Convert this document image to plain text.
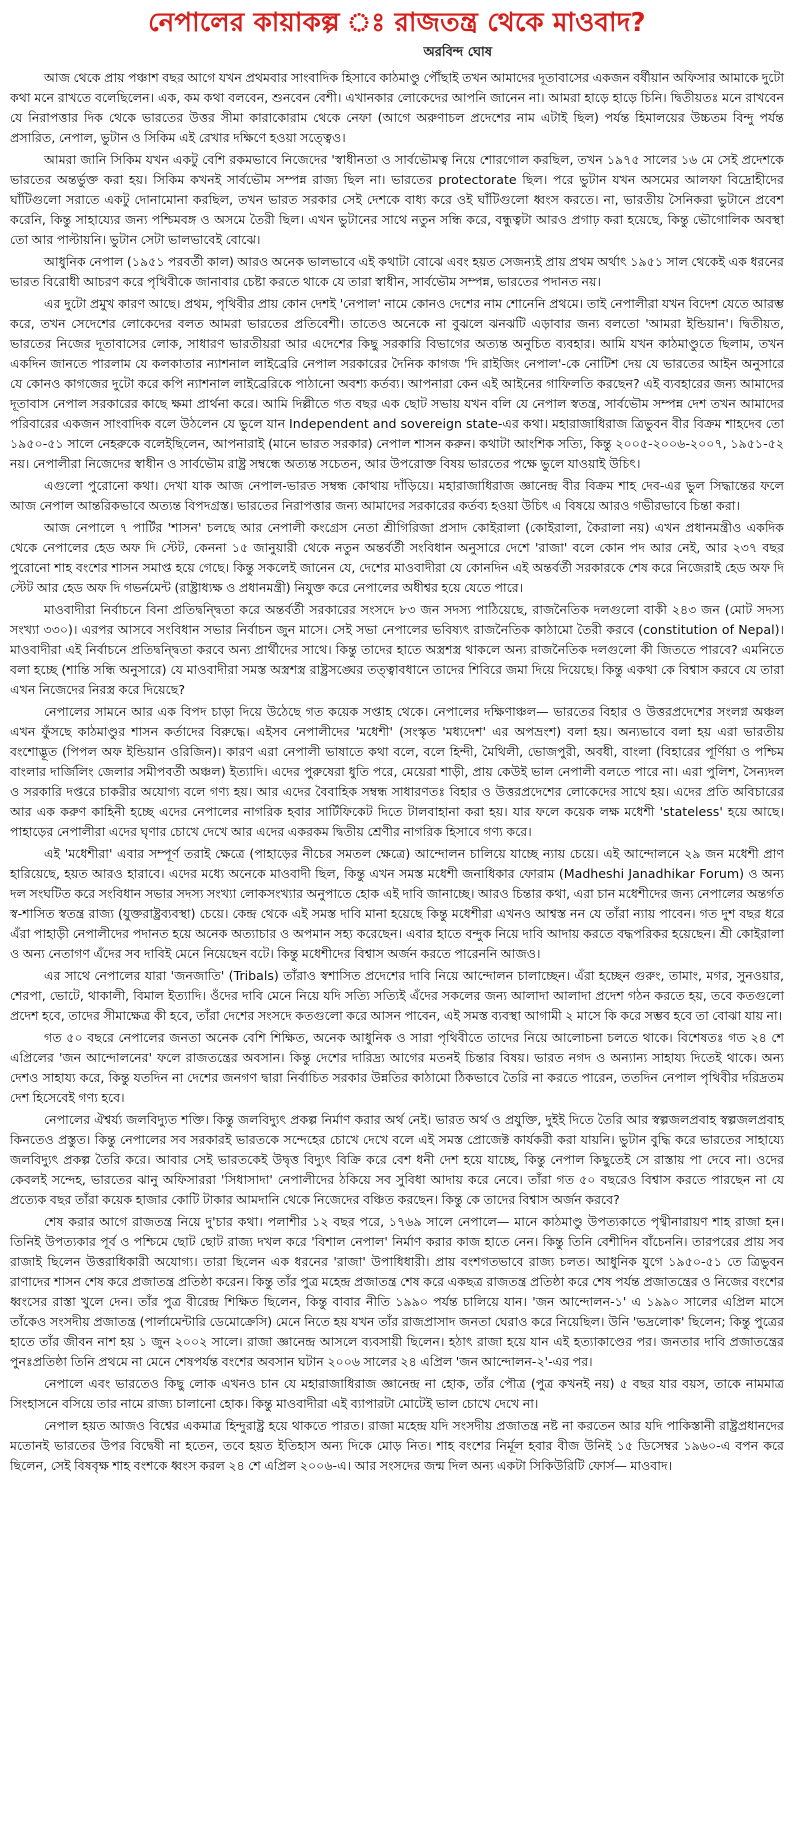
নেপালের কায়াকল্প ঃ রাজতন্ত্র থেকে মাওবাদ?
অরবিন্দ ঘোষ

আজ থেকে প্রায় পঞ্চাশ বছর আগে যখন প্রথমবার সাংবাদিক হিসাবে কাঠমাণ্ডু পৌঁছাই তখন আমাদের দূতাবাসের একজন বর্ষীয়ান অফিসার আমাকে দুটো কথা মনে রাখতে বলেছিলেন। এক, কম কথা বলবেন, শুনবেন বেশী। এখানকার লোকেদের আপনি জানেন না। আমরা হাড়ে হাড়ে চিনি। দ্বিতীয়তঃ মনে রাখবেন যে নিরাপত্তার দিক থেকে ভারতের উত্তর সীমা কারাকোরাম থেকে নেফা (আগে অরুণাচল প্রদেশের নাম এটাই ছিল) পর্যন্ত হিমালয়ের উচ্চতম বিন্দু পর্যন্ত প্রসারিত, নেপাল, ভুটান ও সিকিম এই রেখার দক্ষিণে হওয়া সত্ত্বেও।

আমরা জানি সিকিম যখন একটু বেশি রকমভাবে নিজেদের 'স্বাধীনতা ও সার্বভৌমত্ব নিয়ে শোরগোল করছিল, তখন ১৯৭৫ সালের ১৬ মে সেই প্রদেশকে ভারতের অন্তর্ভুক্ত করা হয়। সিকিম কখনই সার্বভৌম সম্পন্ন রাজ্য ছিল না। ভারতের protectorate ছিল। পরে ভুটান যখন অসমের আলফা বিদ্রোহীদের ঘাঁটিগুলো সরাতে একটু দোনামোনা করছিল, তখন ভারত সরকার সেই দেশকে বাধ্য করে ওই ঘাঁটিগুলো ধ্বংস করতে। না, ভারতীয় সৈনিকরা ভুটানে প্রবেশ করেনি, কিন্তু সাহায্যের জন্য পশ্চিমবঙ্গ ও অসমে তৈরী ছিল। এখন ভুটানের সাথে নতুন সন্ধি করে, বন্ধুত্বটা আরও প্রগাঢ় করা হয়েছে, কিন্তু ভৌগোলিক অবস্থা তো আর পাল্টায়নি। ভুটান সেটা ভালভাবেই বোঝে।

আধুনিক নেপাল (১৯৫১ পরবর্তী কাল) আরও অনেক ভালভাবে এই কথাটা বোঝে এবং হয়ত সেজন্যই প্রায় প্রথম অর্থাৎ ১৯৫১ সাল থেকেই এক ধরনের ভারত বিরোধী আচরণ করে পৃথিবীকে জানাবার চেষ্টা করতে থাকে যে তারা স্বাধীন, সার্বভৌম সম্পন্ন, ভারতের পদানত নয়।

এর দুটো প্রমুখ কারণ আছে। প্রথম, পৃথিবীর প্রায় কোন দেশই 'নেপাল' নামে কোনও দেশের নাম শোনেনি প্রথমে। তাই নেপালীরা যখন বিদেশ যেতে আরম্ভ করে, তখন সেদেশের লোকেদের বলত আমরা ভারতের প্রতিবেশী। তাতেও অনেকে না বুঝলে ঝনঝটি এড়াবার জন্য বলতো 'আমরা ইন্ডিয়ান'। দ্বিতীয়ত, ভারতের নিজের দূতাবাসের লোক, সাধারণ ভারতীয়রা আর এদেশের কিছু সরকারি বিভাগের অত্যন্ত অনুচিত ব্যবহার। আমি যখন কাঠমাণ্ডুতে ছিলাম, তখন একদিন জানতে পারলাম যে কলকাতার ন্যাশনাল লাইব্রেরি নেপাল সরকারের দৈনিক কাগজ 'দি রাইজিং নেপাল'-কে নোটিশ দেয় যে ভারতের আইন অনুসারে যে কোনও কাগজের দুটো করে কপি ন্যাশনাল লাইব্রেরিকে পাঠানো অবশ্য কর্তব্য। আপনারা কেন এই আইনের গাফিলতি করছেন? এই ব্যবহারের জন্য আমাদের দূতাবাস নেপাল সরকারের কাছে ক্ষমা প্রার্থনা করে। আমি দিল্লীতে গত বছর এক ছোট সভায় যখন বলি যে নেপাল স্বতন্ত্র, সার্বভৌম সম্পন্ন দেশ তখন আমাদের পরিবারের একজন সাংবাদিক বলে উঠলেন যে ভুলে যান Independent and sovereign state-এর কথা। মহারাজাধিরাজ ত্রিভুবন বীর বিক্রম শাহদেব তো ১৯৫০-৫১ সালে নেহরুকে বলেইছিলেন, আপনারাই (মানে ভারত সরকার) নেপাল শাসন করুন। কথাটা আংশিক সত্যি, কিন্তু ২০০৫-২০০৬-২০০৭, ১৯৫১-৫২ নয়। নেপালীরা নিজেদের স্বাধীন ও সার্বভৌম রাষ্ট্র সম্বন্ধে অত্যন্ত সচেতন, আর উপরোক্ত বিষয় ভারতের পক্ষে ভুলে যাওয়াই উচিৎ।

এগুলো পুরোনো কথা। দেখা যাক আজ নেপাল-ভারত সম্বন্ধ কোথায় দাঁড়িয়ে। মহারাজাধিরাজ জ্ঞানেন্দ্র বীর বিক্রম শাহ দেব-এর ভুল সিদ্ধান্তের ফলে আজ নেপাল আন্তরিকভাবে অত্যন্ত বিপদগ্রস্ত। ভারতের নিরাপত্তার জন্য আমাদের সরকারের কর্তব্য হওয়া উচিৎ এ বিষয়ে আরও গভীরভাবে চিন্তা করা।

আজ নেপালে ৭ পার্টির 'শাসন' চলছে আর নেপালী কংগ্রেস নেতা শ্রীগিরিজা প্রসাদ কোইরালা (কোইরালা, কৈরালা নয়) এখন প্রধানমন্ত্রীও একদিক থেকে নেপালের হেড অফ দি স্টেট, কেননা ১৫ জানুয়ারী থেকে নতুন অন্তর্বর্তী সংবিধান অনুসারে দেশে 'রাজা' বলে কোন পদ আর নেই, আর ২৩৭ বছর পুরোনো শাহ বংশের শাসন সমাপ্ত হয়ে গেছে। কিন্তু সকলেই জানেন যে, দেশের মাওবাদীরা যে কোনদিন এই অন্তর্বর্তী সরকারকে শেষ করে নিজেরাই হেড অফ দি স্টেট আর হেড অফ দি গভর্নমেন্ট (রাষ্ট্রাধ্যক্ষ ও প্রধানমন্ত্রী) নিযুক্ত করে নেপালের অধীশ্বর হয়ে যেতে পারে।

মাওবাদীরা নির্বাচনে বিনা প্রতিদ্বন্দ্বিতা করে অন্তর্বর্তী সরকারের সংসদে ৮৩ জন সদস্য পাঠিয়েছে, রাজনৈতিক দলগুলো বাকী ২৪৩ জন (মোট সদস্য সংখ্যা ৩৩০)। এরপর আসবে সংবিধান সভার নির্বাচন জুন মাসে। সেই সভা নেপালের ভবিষ্যৎ রাজনৈতিক কাঠামো তৈরী করবে (constitution of Nepal)। মাওবাদীরা এই নির্বাচনে প্রতিদ্বন্দ্বিতা করবে অন্য প্রার্থীদের সাথে। কিন্তু তাদের হাতে অস্ত্রশস্ত্র থাকলে অন্য রাজনৈতিক দলগুলো কী জিততে পারবে? এমনিতে বলা হচ্ছে (শান্তি সন্ধি অনুসারে) যে মাওবাদীরা সমস্ত অস্ত্রশস্ত্র রাষ্ট্রসঙ্ঘের তত্ত্বাবধানে তাদের শিবিরে জমা দিয়ে দিয়েছে। কিন্তু একথা কে বিশ্বাস করবে যে তারা এখন নিজেদের নিরস্ত্র করে দিয়েছে?

নেপালের সামনে আর এক বিপদ চাড়া দিয়ে উঠেছে গত কয়েক সপ্তাহ থেকে। নেপালের দক্ষিণাঞ্চল— ভারতের বিহার ও উত্তরপ্রদেশের সংলগ্ন অঞ্চল এখন ফুঁসছে কাঠমাণ্ডুর শাসন কর্তাদের বিরুদ্ধে। এইসব নেপালীদের 'মধেশী' (সংস্কৃত 'মধ্যদেশ' এর অপভ্রংশ) বলা হয়। অন্যভাবে বলা হয় এরা ভারতীয় বংশোদ্ভূত (পিপল অফ ইন্ডিয়ান ওরিজিন)। কারণ এরা নেপালী ভাষাতে কথা বলে, বলে হিন্দী, মৈথিলী, ভোজপুরী, অবধী, বাংলা (বিহারের পূর্ণিয়া ও পশ্চিম বাংলার দার্জিলিং জেলার সমীপবর্তী অঞ্চল) ইত্যাদি। এদের পুরুষেরা ধুতি পরে, মেয়েরা শাড়ী, প্রায় কেউই ভাল নেপালী বলতে পারে না। এরা পুলিশ, সৈন্যদল ও সরকারি দপ্তরে চাকরীর অযোগ্য বলে গণ্য হয়। আর এদের বৈবাহিক সম্বন্ধ সাধারণতঃ বিহার ও উত্তরপ্রদেশের লোকেদের সাথে হয়। এদের প্রতি অবিচারের আর এক করুণ কাহিনী হচ্ছে এদের নেপালের নাগরিক হবার সার্টিফিকেট দিতে টালবাহানা করা হয়। যার ফলে কয়েক লক্ষ মধেশী 'stateless' হয়ে আছে। পাহাড়ের নেপালীরা এদের ঘৃণার চোখে দেখে আর এদের একরকম দ্বিতীয় শ্রেণীর নাগরিক হিসাবে গণ্য করে।

এই 'মধেশীরা' এবার সম্পূর্ণ তরাই ক্ষেত্রে (পাহাড়ের নীচের সমতল ক্ষেত্রে) আন্দোলন চালিয়ে যাচ্ছে ন্যায় চেয়ে। এই আন্দোলনে ২৯ জন মধেশী প্রাণ হারিয়েছে, হয়ত আরও হারাবে। এদের মধ্যে অনেকে মাওবাদী ছিল, কিন্তু এখন সমস্ত মধেশী জনাধিকার ফোরাম (Madheshi Janadhikar Forum) ও অন্য দল সংঘটিত করে সংবিধান সভার সদস্য সংখ্যা লোকসংখ্যার অনুপাতে হোক এই দাবি জানাচ্ছে। আরও চিন্তার কথা, এরা চান মধেশীদের জন্য নেপালের অন্তর্গত স্ব-শাসিত স্বতন্ত্র রাজ্য (যুক্তরাষ্ট্রব্যবস্থা) চেয়ে। কেন্দ্র থেকে এই সমস্ত দাবি মানা হয়েছে কিন্তু মধেশীরা এখনও আশ্বস্ত নন যে তাঁরা ন্যায় পাবেন। গত দুশ বছর ধরে এঁরা পাহাড়ী নেপালীদের পদানত হয়ে অনেক অত্যাচার ও অপমান সহ্য করেছেন। এবার হাতে বন্দুক নিয়ে দাবি আদায় করতে বদ্ধপরিকর হয়েছেন। শ্রী কোইরালা ও অন্য নেতাগণ এঁদের সব দাবিই মেনে নিয়েছেন বটে। কিন্তু মধেশীদের বিশ্বাস অর্জন করতে পারেননি আজও।

এর সাথে নেপালের যারা 'জনজাতি' (Tribals) তাঁরাও স্বশাসিত প্রদেশের দাবি নিয়ে আন্দোলন চালাচ্ছেন। এঁরা হচ্ছেন গুরুং, তামাং, মগর, সুনওয়ার, শেরপা, ভোটে, থাকালী, বিমাল ইত্যাদি। ওঁদের দাবি মেনে নিয়ে যদি সত্যি সত্যিই এঁদের সকলের জন্য আলাদা আলাদা প্রদেশ গঠন করতে হয়, তবে কতগুলো প্রদেশ হবে, তাদের সীমাক্ষেত্র কী হবে, তাঁরা দেশের সংসদে কতগুলো করে আসন পাবেন, এই সমস্ত ব্যবস্থা আগামী ২ মাসে কি করে সম্ভব হবে তা বোঝা যায় না।

গত ৫০ বছরে নেপালের জনতা অনেক বেশি শিক্ষিত, অনেক আধুনিক ও সারা পৃথিবীতে তাদের নিয়ে আলোচনা চলতে থাকে। বিশেষতঃ গত ২৪ শে এপ্রিলের 'জন আন্দোলনের' ফলে রাজতন্ত্রের অবসান। কিন্তু দেশের দারিদ্র্য আগের মতনই চিন্তার বিষয়। ভারত নগদ ও অন্যান্য সাহায্য দিতেই থাকে। অন্য দেশও সাহায্য করে, কিন্তু যতদিন না দেশের জনগণ দ্বারা নির্বাচিত সরকার উন্নতির কাঠামো ঠিকভাবে তৈরি না করতে পারেন, ততদিন নেপাল পৃথিবীর দরিদ্রতম দেশ হিসেবেই গণ্য হবে।

নেপালের ঐশ্বর্য্য জলবিদ্যুত শক্তি। কিন্তু জলবিদ্যুৎ প্রকল্প নির্মাণ করার অর্থ নেই। ভারত অর্থ ও প্রযুক্তি, দুইই দিতে তৈরি আর স্বল্পজলপ্রবাহ স্বল্পজলপ্রবাহ কিনতেও প্রস্তুত। কিন্তু নেপালের সব সরকারই ভারতকে সন্দেহের চোখে দেখে বলে এই সমস্ত প্রোজেক্ট কার্যকরী করা যায়নি। ভুটান বুদ্ধি করে ভারতের সাহায্যে জলবিদ্যুৎ প্রকল্প তৈরি করে। আবার সেই ভারতকেই উদ্বৃত্ত বিদ্যুৎ বিক্রি করে বেশ ধনী দেশ হয়ে যাচ্ছে, কিন্তু নেপাল কিছুতেই সে রাস্তায় পা দেবে না। ওদের কেবলই সন্দেহ, ভারতের ঝানু অফিসাররা 'সিধাসাদা' নেপালীদের ঠকিয়ে সব সুবিধা আদায় করে নেবে। তাঁরা গত ৫০ বছরেও বিশ্বাস করতে পারছেন না যে প্রত্যেক বছর তাঁরা কয়েক হাজার কোটি টাকার আমদানি থেকে নিজেদের বঞ্চিত করছেন। কিন্তু কে তাদের বিশ্বাস অর্জন করবে?

শেষ করার আগে রাজতন্ত্র নিয়ে দু'চার কথা। পলাশীর ১২ বছর পরে, ১৭৬৯ সালে নেপালে— মানে কাঠমাণ্ডু উপত্যকাতে পৃথ্বীনারায়ণ শাহ রাজা হন। তিনিই উপত্যকার পূর্ব ও পশ্চিমে ছোট ছোট রাজ্য দখল করে 'বিশাল নেপাল' নির্মাণ করার কাজ হাতে নেন। কিন্তু তিনি বেশীদিন বাঁচেননি। তারপরের প্রায় সব রাজাই ছিলেন উত্তরাধিকারী অযোগ্য। তারা ছিলেন এক ধরনের 'রাজা' উপাধিধারী। প্রায় বংশগতভাবে রাজ্য চলত। আধুনিক যুগে ১৯৫০-৫১ তে ত্রিভুবন রাণাদের শাসন শেষ করে প্রজাতন্ত্র প্রতিষ্ঠা করেন। কিন্তু তাঁর পুত্র মহেন্দ্র প্রজাতন্ত্র শেষ করে একছত্র রাজতন্ত্র প্রতিষ্ঠা করে শেষ পর্যন্ত প্রজাতন্ত্রের ও নিজের বংশের ধ্বংসের রাস্তা খুলে দেন। তাঁর পুত্র বীরেন্দ্র শিক্ষিত ছিলেন, কিন্তু বাবার নীতি ১৯৯০ পর্যন্ত চালিয়ে যান। 'জন আন্দোলন-১' এ ১৯৯০ সালের এপ্রিল মাসে তাঁকেও সংসদীয় প্রজাতন্ত্র (পার্লামেন্টারি ডেমোক্রেসি) মেনে নিতে হয় যখন তাঁর রাজপ্রাসাদ জনতা ঘেরাও করে নিয়েছিল। উনি 'ভদ্রলোক' ছিলেন; কিন্তু পুত্রের হাতে তাঁর জীবন নাশ হয় ১ জুন ২০০২ সালে। রাজা জ্ঞানেন্দ্র আসলে ব্যবসায়ী ছিলেন। হঠাৎ রাজা হয়ে যান এই হত্যাকাণ্ডের পর। জনতার দাবি প্রজাতন্ত্রের পুনঃপ্রতিষ্ঠা তিনি প্রথমে না মেনে শেষপর্যন্ত বংশের অবসান ঘটান ২০০৬ সালের ২৪ এপ্রিল 'জন আন্দোলন-২'-এর পর।

নেপালে এবং ভারতেও কিছু লোক এখনও চান যে মহারাজাধিরাজ জ্ঞানেন্দ্র না হোক, তাঁর পৌত্র (পুত্র কখনই নয়) ৫ বছর যার বয়স, তাকে নামমাত্র সিংহাসনে বসিয়ে তার নামে রাজ্য চালানো হোক। কিন্তু মাওবাদীরা এই ব্যাপারটা মোটেই ভাল চোখে দেখে না।

নেপাল হয়ত আজও বিশ্বের একমাত্র হিন্দুরাষ্ট্র হয়ে থাকতে পারত। রাজা মহেন্দ্র যদি সংসদীয় প্রজাতন্ত্র নষ্ট না করতেন আর যদি পাকিস্তানী রাষ্ট্রপ্রধানদের মতোনই ভারতের উপর বিদ্বেষী না হতেন, তবে হয়ত ইতিহাস অন্য দিকে মোড় নিত। শাহ বংশের নির্মূল হবার বীজ উনিই ১৫ ডিসেম্বর ১৯৬০-এ বপন করে ছিলেন, সেই বিষবৃক্ষ শাহ বংশকে ধ্বংস করল ২৪ শে এপ্রিল ২০০৬-এ। আর সংসদের জন্ম দিল অন্য একটা সিকিউরিটি ফোর্স— মাওবাদ।
